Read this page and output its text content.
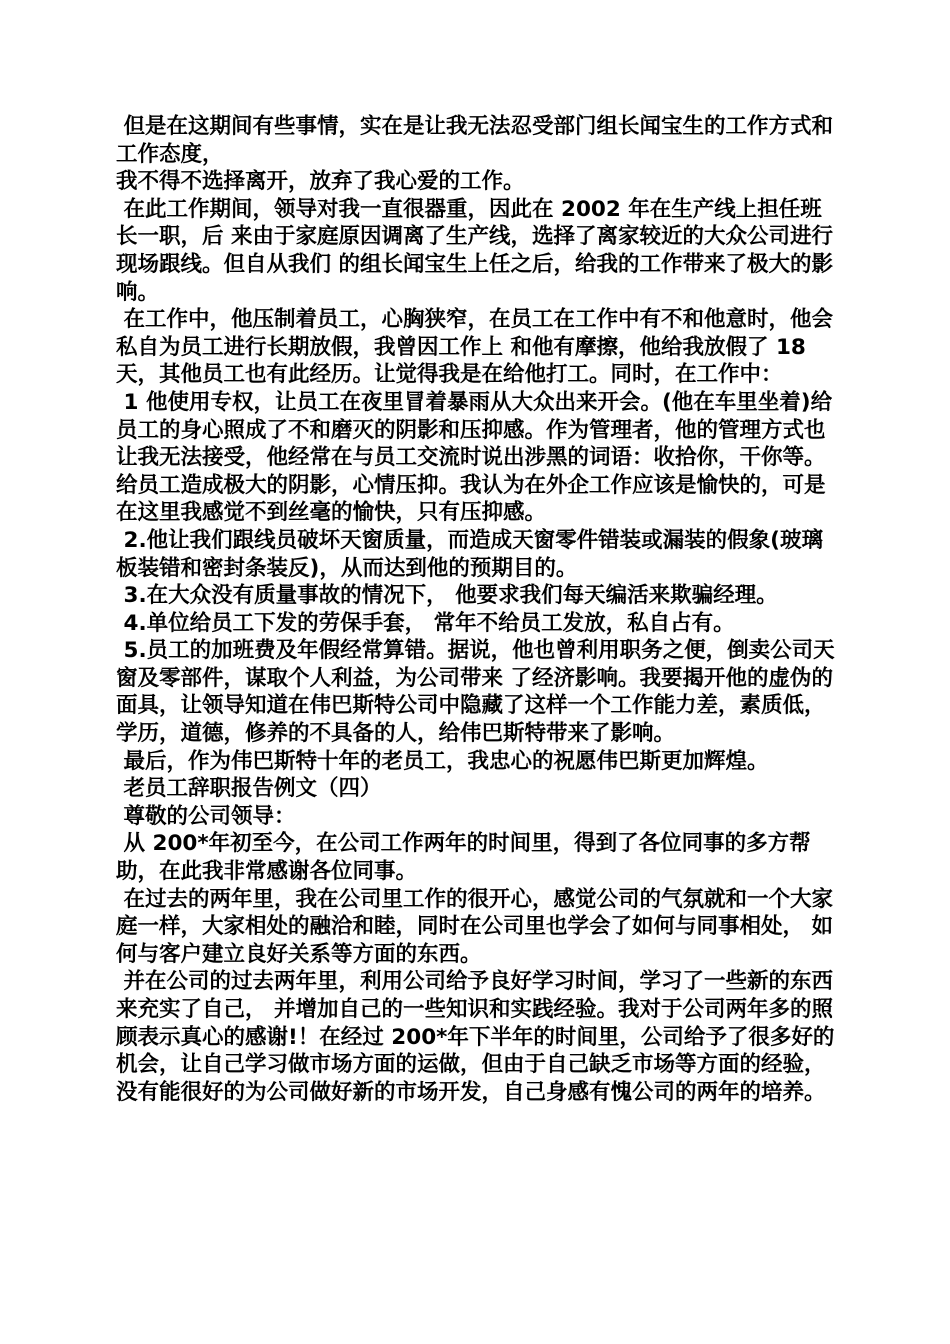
但是在这期间有些事情，实在是让我无法忍受部门组长闻宝生的工作方式和工作态度，

我不得不选择离开，放弃了我心爱的工作。

在此工作期间，领导对我一直很器重，因此在 2002 年在生产线上担任班长一职，后 来由于家庭原因调离了生产线，选择了离家较近的大众公司进行现场跟线。但自从我们 的组长闻宝生上任之后，给我的工作带来了极大的影响。

在工作中，他压制着员工，心胸狭窄，在员工在工作中有不和他意时，他会私自为员工进行长期放假，我曾因工作上 和他有摩擦，他给我放假了 18 天，其他员工也有此经历。让觉得我是在给他打工。同时，在工作中：

1 他使用专权，让员工在夜里冒着暴雨从大众出来开会。(他在车里坐着)给员工的身心照成了不和磨灭的阴影和压抑感。作为管理者，他的管理方式也让我无法接受，他经常在与员工交流时说出涉黑的词语：收拾你，干你等。给员工造成极大的阴影，心情压抑。我认为在外企工作应该是愉快的，可是在这里我感觉不到丝毫的愉快，只有压抑感。

2.他让我们跟线员破坏天窗质量，而造成天窗零件错装或漏装的假象(玻璃板装错和密封条装反)，从而达到他的预期目的。

3.在大众没有质量事故的情况下， 他要求我们每天编活来欺骗经理。

4.单位给员工下发的劳保手套， 常年不给员工发放，私自占有。

5.员工的加班费及年假经常算错。据说，他也曾利用职务之便，倒卖公司天窗及零部件，谋取个人利益，为公司带来 了经济影响。我要揭开他的虚伪的面具，让领导知道在伟巴斯特公司中隐藏了这样一个工作能力差，素质低，学历，道德，修养的不具备的人，给伟巴斯特带来了影响。

最后，作为伟巴斯特十年的老员工，我忠心的祝愿伟巴斯更加辉煌。

老员工辞职报告例文（四）

尊敬的公司领导：

从 200*年初至今，在公司工作两年的时间里，得到了各位同事的多方帮助，在此我非常感谢各位同事。

在过去的两年里，我在公司里工作的很开心，感觉公司的气氛就和一个大家庭一样，大家相处的融洽和睦，同时在公司里也学会了如何与同事相处， 如何与客户建立良好关系等方面的东西。

并在公司的过去两年里，利用公司给予良好学习时间，学习了一些新的东西来充实了自己， 并增加自己的一些知识和实践经验。我对于公司两年多的照顾表示真心的感谢!！在经过 200*年下半年的时间里，公司给予了很多好的机会，让自己学习做市场方面的运做，但由于自己缺乏市场等方面的经验，没有能很好的为公司做好新的市场开发，自己身感有愧公司的两年的培养。
